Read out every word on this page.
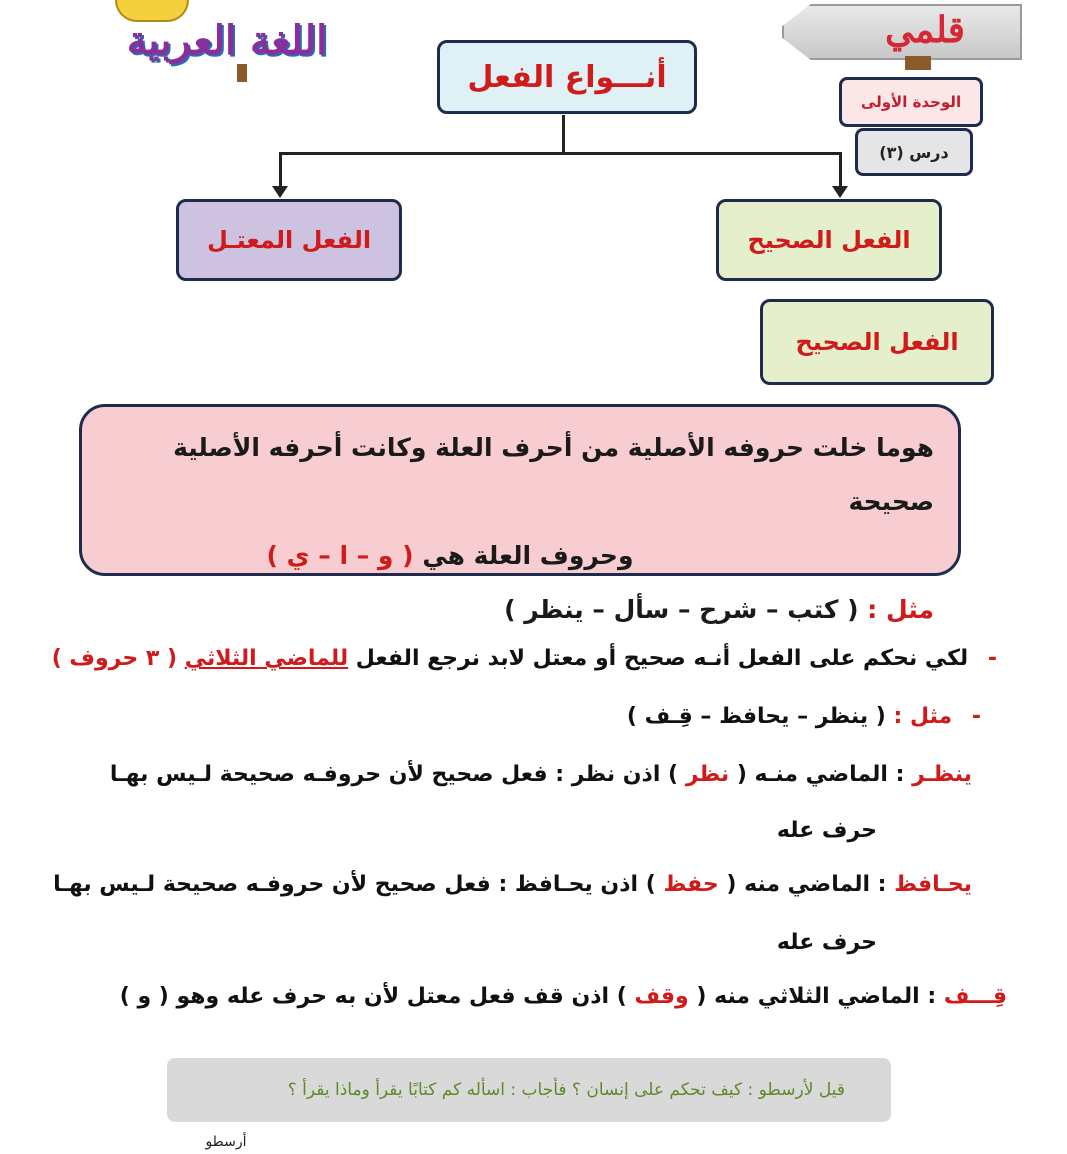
اللغة العربية	قلمي
الوحدة الأولى
درس (٣)
أنـــواع الفعل
الفعل المعتـل	الفعل الصحيح
الفعل الصحيح
هوما خلت حروفه الأصلية من أحرف العلة وكانت أحرفه الأصلية صحيحة
وحروف العلة هي ( و – ا – ي )
مثل : ( كتب – شرح – سأل – ينظر )
- لكي نحكم على الفعل أنـه صحيح أو معتل لابد نرجع الفعل للماضي الثلاثي ( ٣ حروف )
- مثل : ( ينظر – يحافظ – قِـف )
ينظـر : الماضي منـه ( نظر ) اذن نظر : فعل صحيح لأن حروفـه صحيحة لـيس بهـا
حرف عله
يحـافظ : الماضي منه ( حفظ ) اذن يحـافظ : فعل صحيح لأن حروفـه صحيحة لـيس بهـا
حرف عله
قِـــف : الماضي الثلاثي منه ( وقف ) اذن قف فعل معتل لأن به حرف عله وهو ( و )
قيل لأرسطو : كيف تحكم على إنسان ؟ فأجاب : اسأله كم كتابًا يقرأ وماذا يقرأ ؟
أرسطو
